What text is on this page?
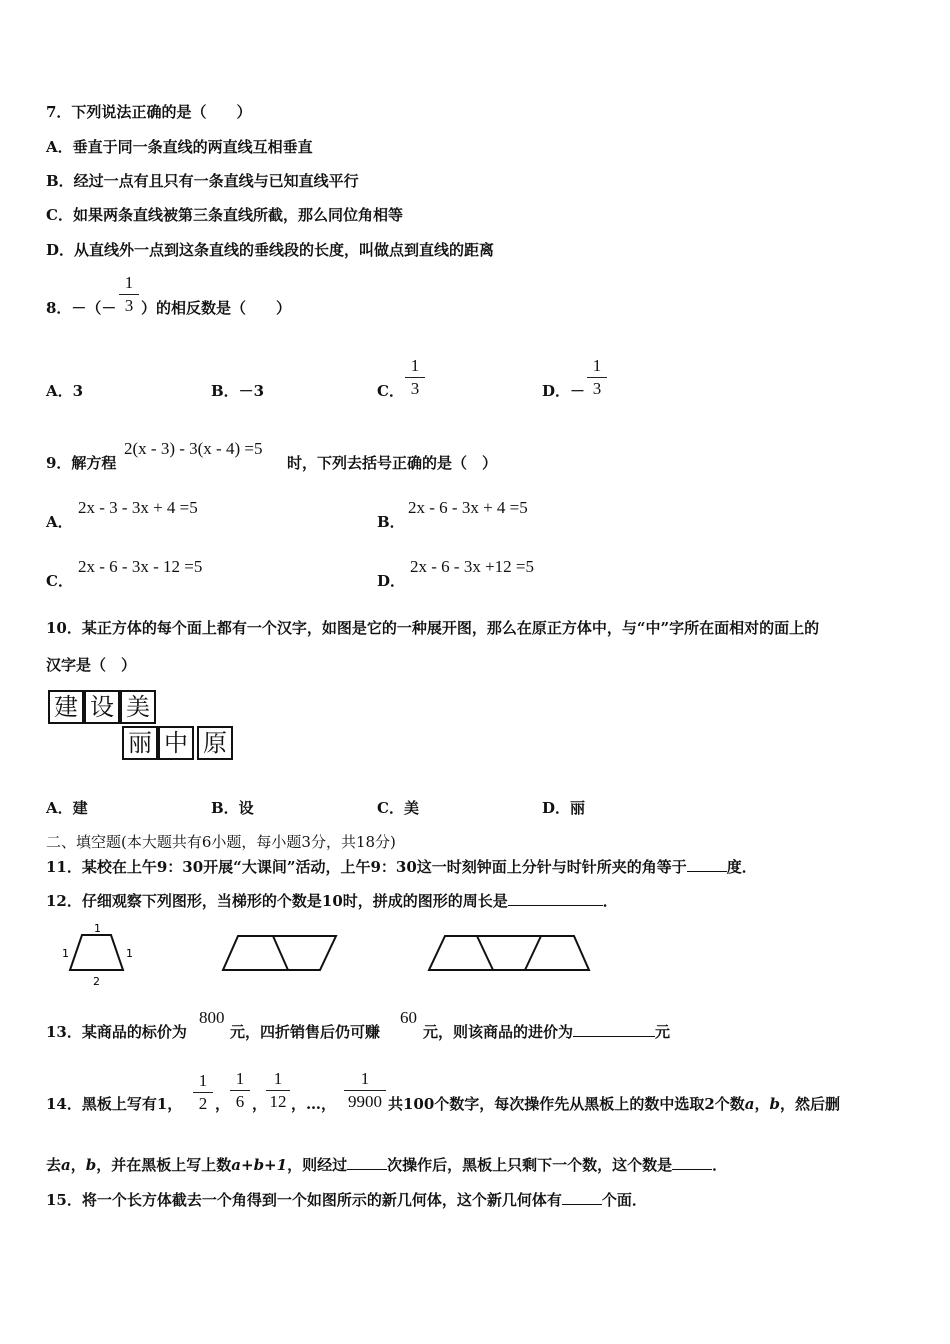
7．下列说法正确的是（　　）
A．垂直于同一条直线的两直线互相垂直
B．经过一点有且只有一条直线与已知直线平行
C．如果两条直线被第三条直线所截，那么同位角相等
D．从直线外一点到这条直线的垂线段的长度，叫做点到直线的距离
8．－（－
1
3 ）的相反数是（　　）
A．3	B．－3	C．
1
3	D．－
1
3
9．解方程
2(x - 3) - 3(x - 4) =5
时，下列去括号正确的是（　）
A．
2x - 3 - 3x + 4 =5
B．
2x - 6 - 3x + 4 =5
C．
2x - 6 - 3x - 12 =5
D．
2x - 6 - 3x +12 =5
10．某正方体的每个面上都有一个汉字，如图是它的一种展开图，那么在原正方体中，与“中”字所在面相对的面上的
汉字是（　）
建 设 美
丽 中 原
A．建	B．设	C．美	D．丽
二、填空题(本大题共有6小题，每小题3分，共18分)
11．某校在上午9：30开展“大课间”活动，上午9：30这一时刻钟面上分针与时针所夹的角等于	度．
12．仔细观察下列图形，当梯形的个数是10时，拼成的图形的周长是	．
1
1	1
2
13．某商品的标价为
800
元，四折销售后仍可赚
60
元，则该商品的进价为	元
14．黑板上写有1，
1
2 ，
1
6 ，
1
12 ，…，
1
9900 共100个数字，每次操作先从黑板上的数中选取2个数a，b，然后删
去a，b，并在黑板上写上数a+b+1，则经过	次操作后，黑板上只剩下一个数，这个数是	．
15．将一个长方体截去一个角得到一个如图所示的新几何体，这个新几何体有	个面．
